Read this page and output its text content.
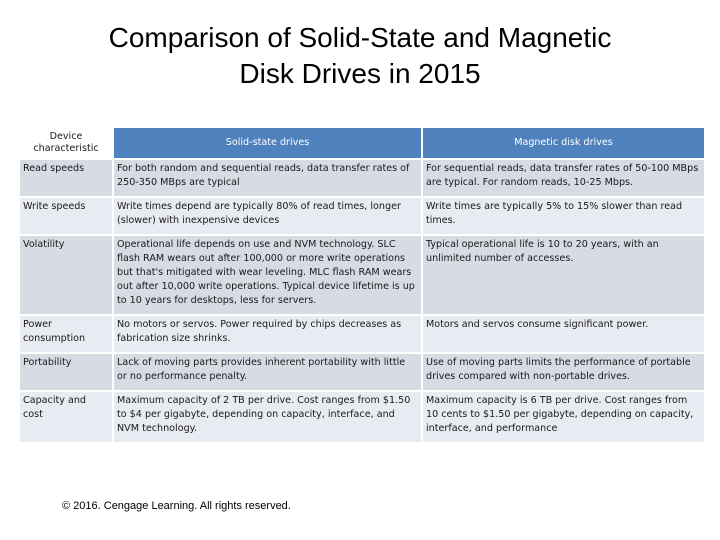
Comparison of Solid-State and Magnetic
Disk Drives in 2015
Device characteristic	Solid-state drives	Magnetic disk drives
Read speeds	For both random and sequential reads, data transfer rates of 250-350 MBps are typical	For sequential reads, data transfer rates of 50-100 MBps are typical. For random reads, 10-25 Mbps.
Write speeds	Write times depend are typically 80% of read times, longer (slower) with inexpensive devices	Write times are typically 5% to 15% slower than read times.
Volatility	Operational life depends on use and NVM technology. SLC flash RAM wears out after 100,000 or more write operations but that's mitigated with wear leveling. MLC flash RAM wears out after 10,000 write operations. Typical device lifetime is up to 10 years for desktops, less for servers.	Typical operational life is 10 to 20 years, with an unlimited number of accesses.
Power consumption	No motors or servos. Power required by chips decreases as fabrication size shrinks.	Motors and servos consume significant power.
Portability	Lack of moving parts provides inherent portability with little or no performance penalty.	Use of moving parts limits the performance of portable drives compared with non-portable drives.
Capacity and cost	Maximum capacity of 2 TB per drive. Cost ranges from $1.50 to $4 per gigabyte, depending on capacity, interface, and NVM technology.	Maximum capacity is 6 TB per drive. Cost ranges from 10 cents to $1.50 per gigabyte, depending on capacity, interface, and performance
© 2016. Cengage Learning. All rights reserved.
